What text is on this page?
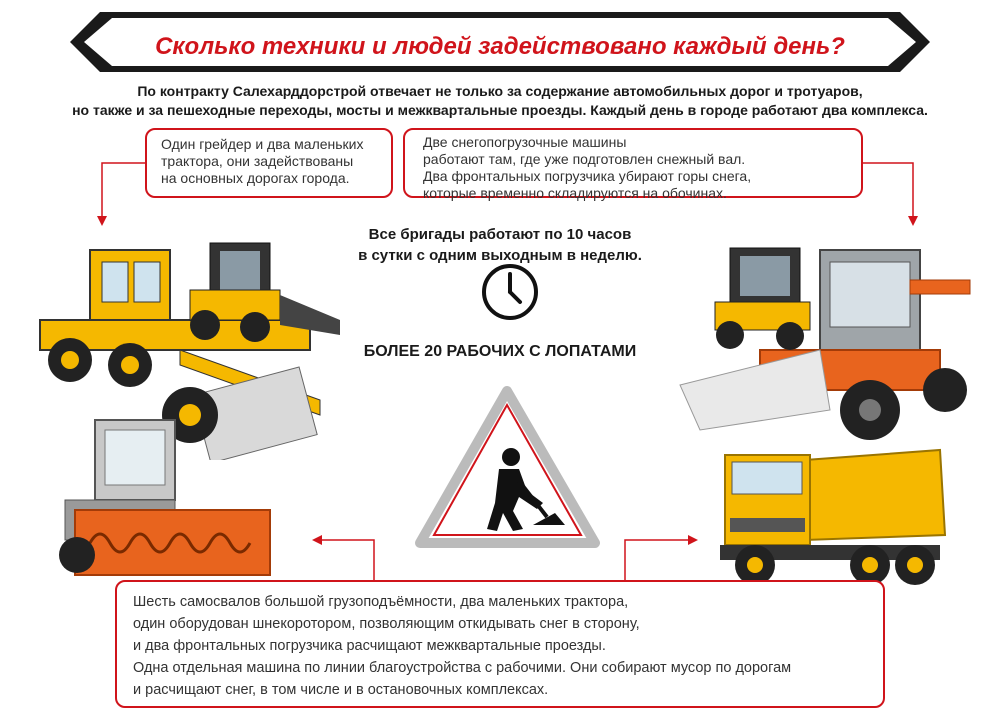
Сколько техники и людей задействовано каждый день?
По контракту Салехарддорстрой отвечает не только за содержание автомобильных дорог и тротуаров,
но также и за пешеходные переходы, мосты и межквартальные проезды. Каждый день в городе работают два комплекса.
Один грейдер и два маленьких
трактора, они задействованы
на основных дорогах города.
Две снегопогрузочные машины
работают там, где уже подготовлен снежный вал.
Два фронтальных погрузчика убирают горы снега,
которые временно складируются на обочинах.
Все бригады работают по 10 часов
в сутки с одним выходным в неделю.
БОЛЕЕ 20 РАБОЧИХ С ЛОПАТАМИ
Шесть самосвалов большой грузоподъёмности, два маленьких трактора,
один оборудован шнекоротором, позволяющим откидывать снег в сторону,
и два фронтальных погрузчика расчищают межквартальные проезды.
Одна отдельная машина по линии благоустройства с рабочими. Они собирают мусор по дорогам
и расчищают снег, в том числе и в остановочных комплексах.
